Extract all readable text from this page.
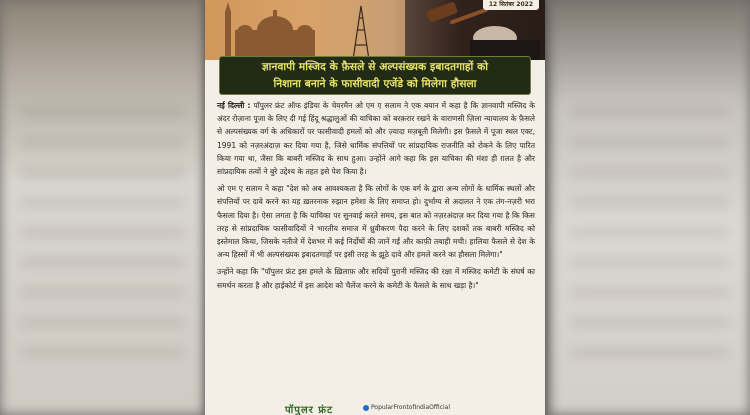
12 सितंबर 2022
ज्ञानवापी मस्जिद के फ़ैसले से अल्पसंख्यक इबादतगाहों को
निशाना बनाने के फासीवादी एजेंडे को मिलेगा हौसला

नई दिल्ली : पॉपुलर फ्रंट ऑफ इंडिया के चेयरमैन ओ एम ए सलाम ने एक बयान में कहा है कि ज्ञानवापी मस्जिद के अंदर रोज़ाना पूजा के लिए दी गई हिंदू श्रद्धालुओं की याचिका को बरक़रार रखने के वाराणसी ज़िला न्यायालय के फ़ैसले से अल्पसंख्यक वर्ग के अधिकारों पर फासीवादी हमलों को और ज़्यादा मज़बूती मिलेगी। इस फ़ैसले में पूजा स्थल एक्ट, 1991 को नज़रअंदाज़ कर दिया गया है, जिसे धार्मिक संपत्तियों पर सांप्रदायिक राजनीति को रोकने के लिए पारित किया गया था, जैसा कि बाबरी मस्जिद के साथ हुआ। उन्होंने आगे कहा कि इस याचिका की मंशा ही ग़लत है और सांप्रदायिक तत्वों ने बुरे उद्देश्य के तहत इसे पेश किया है।

ओ एम ए सलाम ने कहा "देश को अब आवश्यकता है कि लोगों के एक वर्ग के द्वारा अन्य लोगों के धार्मिक स्थलों और संपत्तियों पर दावे करने का यह ख़तरनाक रुझान हमेशा के लिए समाप्त हो। दुर्भाग्य से अदालत ने एक तंग-नज़री भरा फैसला दिया है। ऐसा लगता है कि याचिका पर सुनवाई करते समय, इस बात को नज़रअंदाज़ कर दिया गया है कि किस तरह से सांप्रदायिक फासीवादियों ने भारतीय समाज में ध्रुवीकरण पैदा करने के लिए दशकों तक बाबरी मस्जिद को इस्तेमाल किया, जिसके नतीजे में देशभर में कई निर्दोषों की जानें गईं और काफ़ी तबाही मची। हालिया फैसले से देश के अन्य हिस्सों में भी अल्पसंख्यक इबादतगाहों पर इसी तरह के झूठे दावे और हमले करने का हौसला मिलेगा।"

उन्होंने कहा कि "पॉपुलर फ्रंट इस हमले के ख़िलाफ़ और सदियों पुरानी मस्जिद की रक्षा में मस्जिद कमेटी के संघर्ष का समर्थन करता है और हाईकोर्ट में इस आदेश को चैलेंज करने के कमेटी के फैसले के साथ खड़ा है।"

पॉपुलर फ्रंट	PopularFrontofIndiaOfficial
